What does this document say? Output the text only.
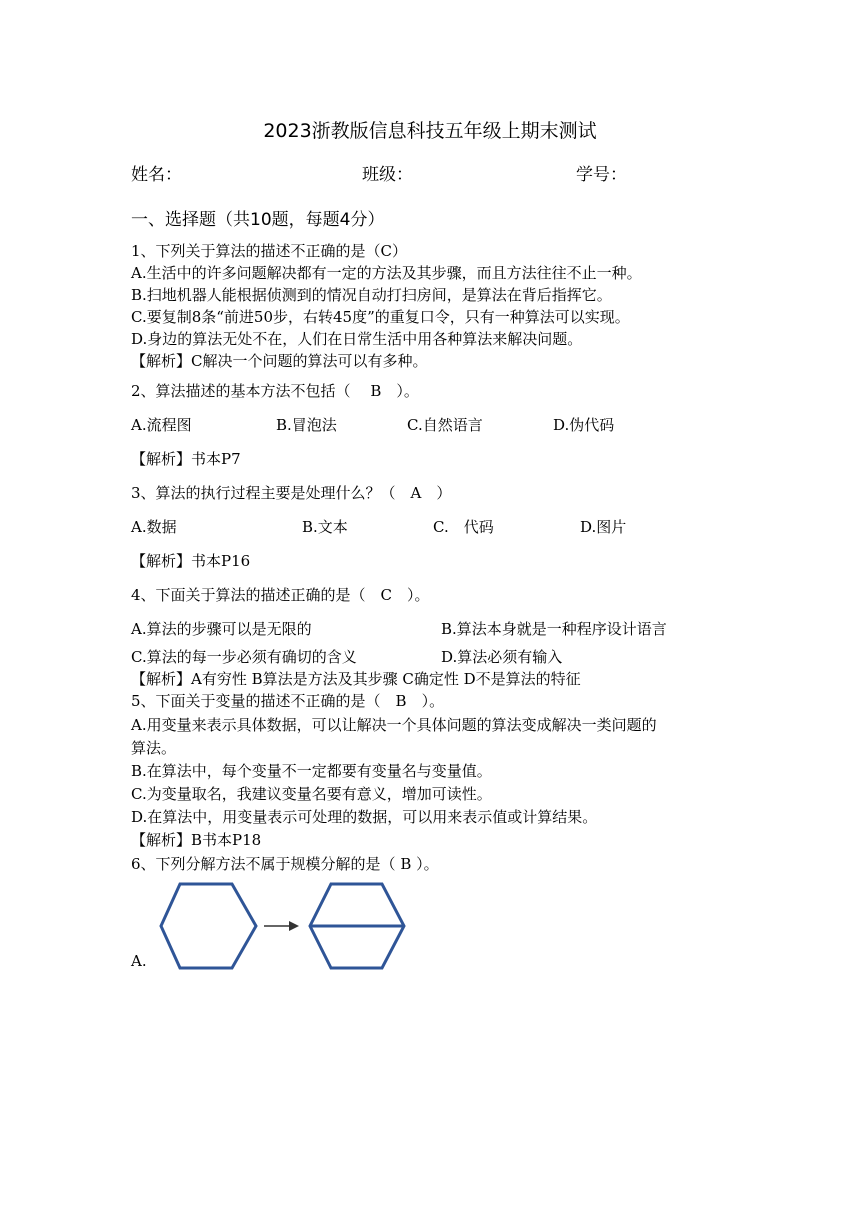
2023浙教版信息科技五年级上期末测试
姓名：	班级：	学号：
一、选择题（共10题，每题4分）
1、下列关于算法的描述不正确的是（C）
A.生活中的许多问题解决都有一定的方法及其步骤，而且方法往往不止一种。
B.扫地机器人能根据侦测到的情况自动打扫房间，是算法在背后指挥它。
C.要复制8条“前进50步，右转45度”的重复口令，只有一种算法可以实现。
D.身边的算法无处不在，人们在日常生活中用各种算法来解决问题。
【解析】C解决一个问题的算法可以有多种。
2、算法描述的基本方法不包括（　 B　）。
A.流程图	B.冒泡法	C.自然语言	D.伪代码
【解析】书本P7
3、算法的执行过程主要是处理什么？（　A　）
A.数据	B.文本	C.　代码	D.图片
【解析】书本P16
4、下面关于算法的描述正确的是（　C　）。
A.算法的步骤可以是无限的	B.算法本身就是一种程序设计语言
C.算法的每一步必须有确切的含义	D.算法必须有输入
【解析】A有穷性 B算法是方法及其步骤 C确定性 D不是算法的特征
5、下面关于变量的描述不正确的是（　B　）。
A.用变量来表示具体数据，可以让解决一个具体问题的算法变成解决一类问题的
算法。
B.在算法中，每个变量不一定都要有变量名与变量值。
C.为变量取名，我建议变量名要有意义，增加可读性。
D.在算法中，用变量表示可处理的数据，可以用来表示值或计算结果。
【解析】B书本P18
6、下列分解方法不属于规模分解的是（ B ）。
A.
